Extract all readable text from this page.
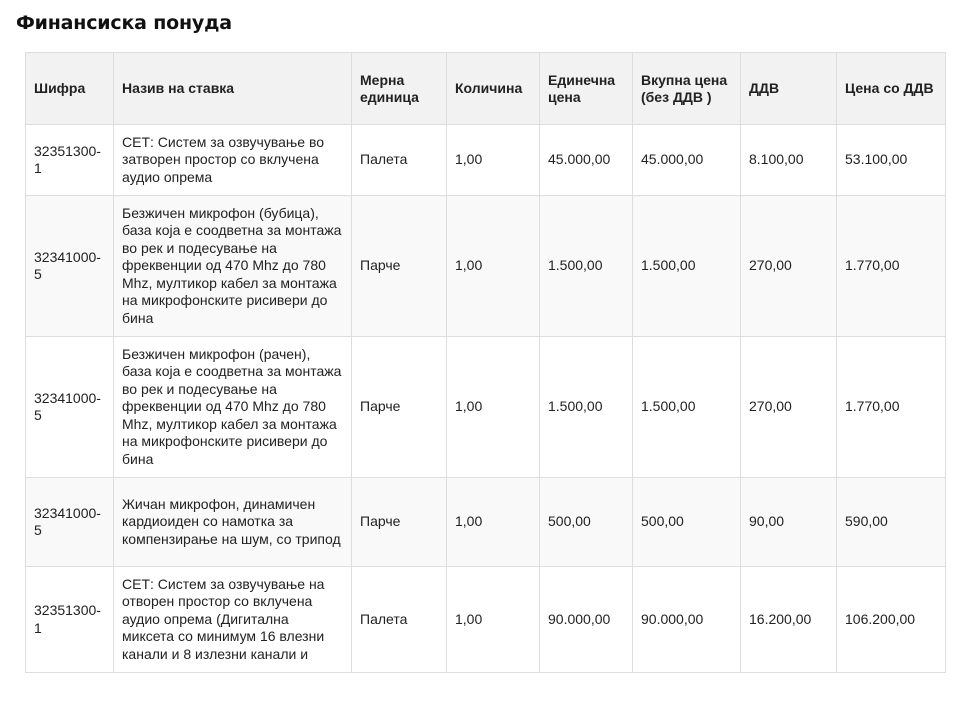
Финансиска понуда
Шифра	Назив на ставка	Мерна единица	Количина	Единечна цена	Вкупна цена (без ДДВ )	ДДВ	Цена со ДДВ
32351300-1	СЕТ: Систем за озвучување во затворен простор со вклучена аудио опрема	Палета	1,00	45.000,00	45.000,00	8.100,00	53.100,00
32341000-5	Безжичен микрофон (бубица), база која е соодветна за монтажа во рек и подесување на фреквенции од 470 Mhz до 780 Mhz, мултикор кабел за монтажа на микрофонските рисивери до бина	Парче	1,00	1.500,00	1.500,00	270,00	1.770,00
32341000-5	Безжичен микрофон (рачен), база која е соодветна за монтажа во рек и подесување на фреквенции од 470 Mhz до 780 Mhz, мултикор кабел за монтажа на микрофонските рисивери до бина	Парче	1,00	1.500,00	1.500,00	270,00	1.770,00
32341000-5	Жичан микрофон, динамичен кардиоиден со намотка за компензирање на шум, со трипод	Парче	1,00	500,00	500,00	90,00	590,00
32351300-1	СЕТ: Систем за озвучување на отворен простор со вклучена аудио опрема (Дигитална миксета со минимум 16 влезни канали и 8 излезни канали и	Палета	1,00	90.000,00	90.000,00	16.200,00	106.200,00
